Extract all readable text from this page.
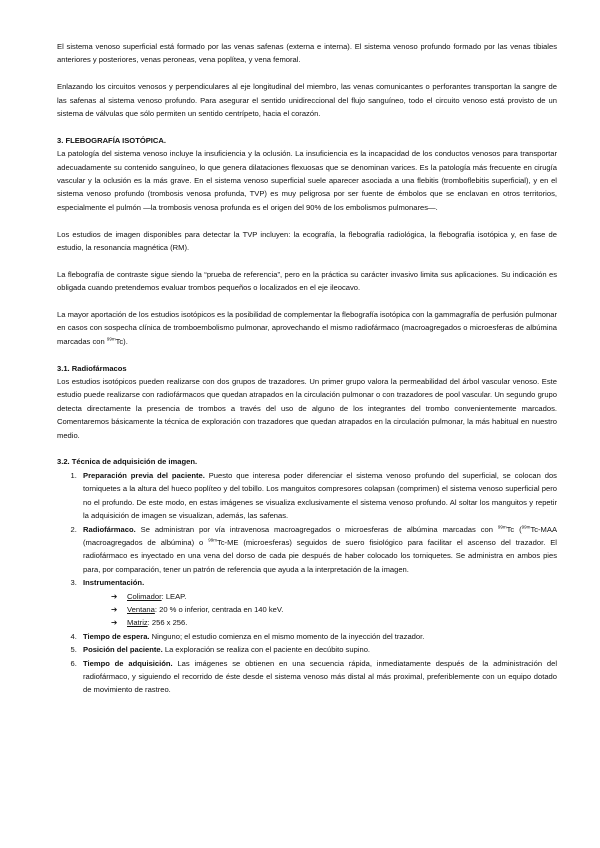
El sistema venoso superficial está formado por las venas safenas (externa e interna). El sistema venoso profundo formado por las venas tibiales anteriores y posteriores, venas peroneas, vena poplítea, y vena femoral.

Enlazando los circuitos venosos y perpendiculares al eje longitudinal del miembro, las venas comunicantes o perforantes transportan la sangre de las safenas al sistema venoso profundo. Para asegurar el sentido unidireccional del flujo sanguíneo, todo el circuito venoso está provisto de un sistema de válvulas que sólo permiten un sentido centrípeto, hacia el corazón.

3. FLEBOGRAFÍA ISOTÓPICA.

La patología del sistema venoso incluye la insuficiencia y la oclusión. La insuficiencia es la incapacidad de los conductos venosos para transportar adecuadamente su contenido sanguíneo, lo que genera dilataciones flexuosas que se denominan varices. Es la patología más frecuente en cirugía vascular y la oclusión es la más grave. En el sistema venoso superficial suele aparecer asociada a una flebitis (tromboflebitis superficial), y en el sistema venoso profundo (trombosis venosa profunda, TVP) es muy peligrosa por ser fuente de émbolos que se enclavan en otros territorios, especialmente el pulmón —la trombosis venosa profunda es el origen del 90% de los embolismos pulmonares—.

Los estudios de imagen disponibles para detectar la TVP incluyen: la ecografía, la flebografía radiológica, la flebografía isotópica y, en fase de estudio, la resonancia magnética (RM).

La flebografía de contraste sigue siendo la “prueba de referencia”, pero en la práctica su carácter invasivo limita sus aplicaciones. Su indicación es obligada cuando pretendemos evaluar trombos pequeños o localizados en el eje ileocavo.

La mayor aportación de los estudios isotópicos es la posibilidad de complementar la flebografía isotópica con la gammagrafía de perfusión pulmonar en casos con sospecha clínica de tromboembolismo pulmonar, aprovechando el mismo radiofármaco (macroagregados o microesferas de albúmina marcadas con $^{99m}$Tc).

3.1. Radiofármacos

Los estudios isotópicos pueden realizarse con dos grupos de trazadores. Un primer grupo valora la permeabilidad del árbol vascular venoso. Este estudio puede realizarse con radiofármacos que quedan atrapados en la circulación pulmonar o con trazadores de pool vascular. Un segundo grupo detecta directamente la presencia de trombos a través del uso de alguno de los integrantes del trombo convenientemente marcados. Comentaremos básicamente la técnica de exploración con trazadores que quedan atrapados en la circulación pulmonar, la más habitual en nuestro medio.

3.2. Técnica de adquisición de imagen.

1. Preparación previa del paciente. Puesto que interesa poder diferenciar el sistema venoso profundo del superficial, se colocan dos torniquetes a la altura del hueco poplíteo y del tobillo. Los manguitos compresores colapsan (comprimen) el sistema venoso superficial pero no el profundo. De este modo, en estas imágenes se visualiza exclusivamente el sistema venoso profundo. Al soltar los manguitos y repetir la adquisición de imagen se visualizan, además, las safenas.
2. Radiofármaco. Se administran por vía intravenosa macroagregados o microesferas de albúmina marcadas con $^{99m}$Tc ($^{99m}$Tc-MAA (macroagregados de albúmina) o $^{99m}$Tc-ME (microesferas) seguidos de suero fisiológico para facilitar el ascenso del trazador. El radiofármaco es inyectado en una vena del dorso de cada pie después de haber colocado los torniquetes. Se administra en ambos pies para, por comparación, tener un patrón de referencia que ayuda a la interpretación de la imagen.
3. Instrumentación.
➔ Colimador: LEAP.
➔ Ventana: 20 % o inferior, centrada en 140 keV.
➔ Matriz: 256 x 256.
4. Tiempo de espera. Ninguno; el estudio comienza en el mismo momento de la inyección del trazador.
5. Posición del paciente. La exploración se realiza con el paciente en decúbito supino.
6. Tiempo de adquisición. Las imágenes se obtienen en una secuencia rápida, inmediatamente después de la administración del radiofármaco, y siguiendo el recorrido de éste desde el sistema venoso más distal al más proximal, preferiblemente con un equipo dotado de movimiento de rastreo.
